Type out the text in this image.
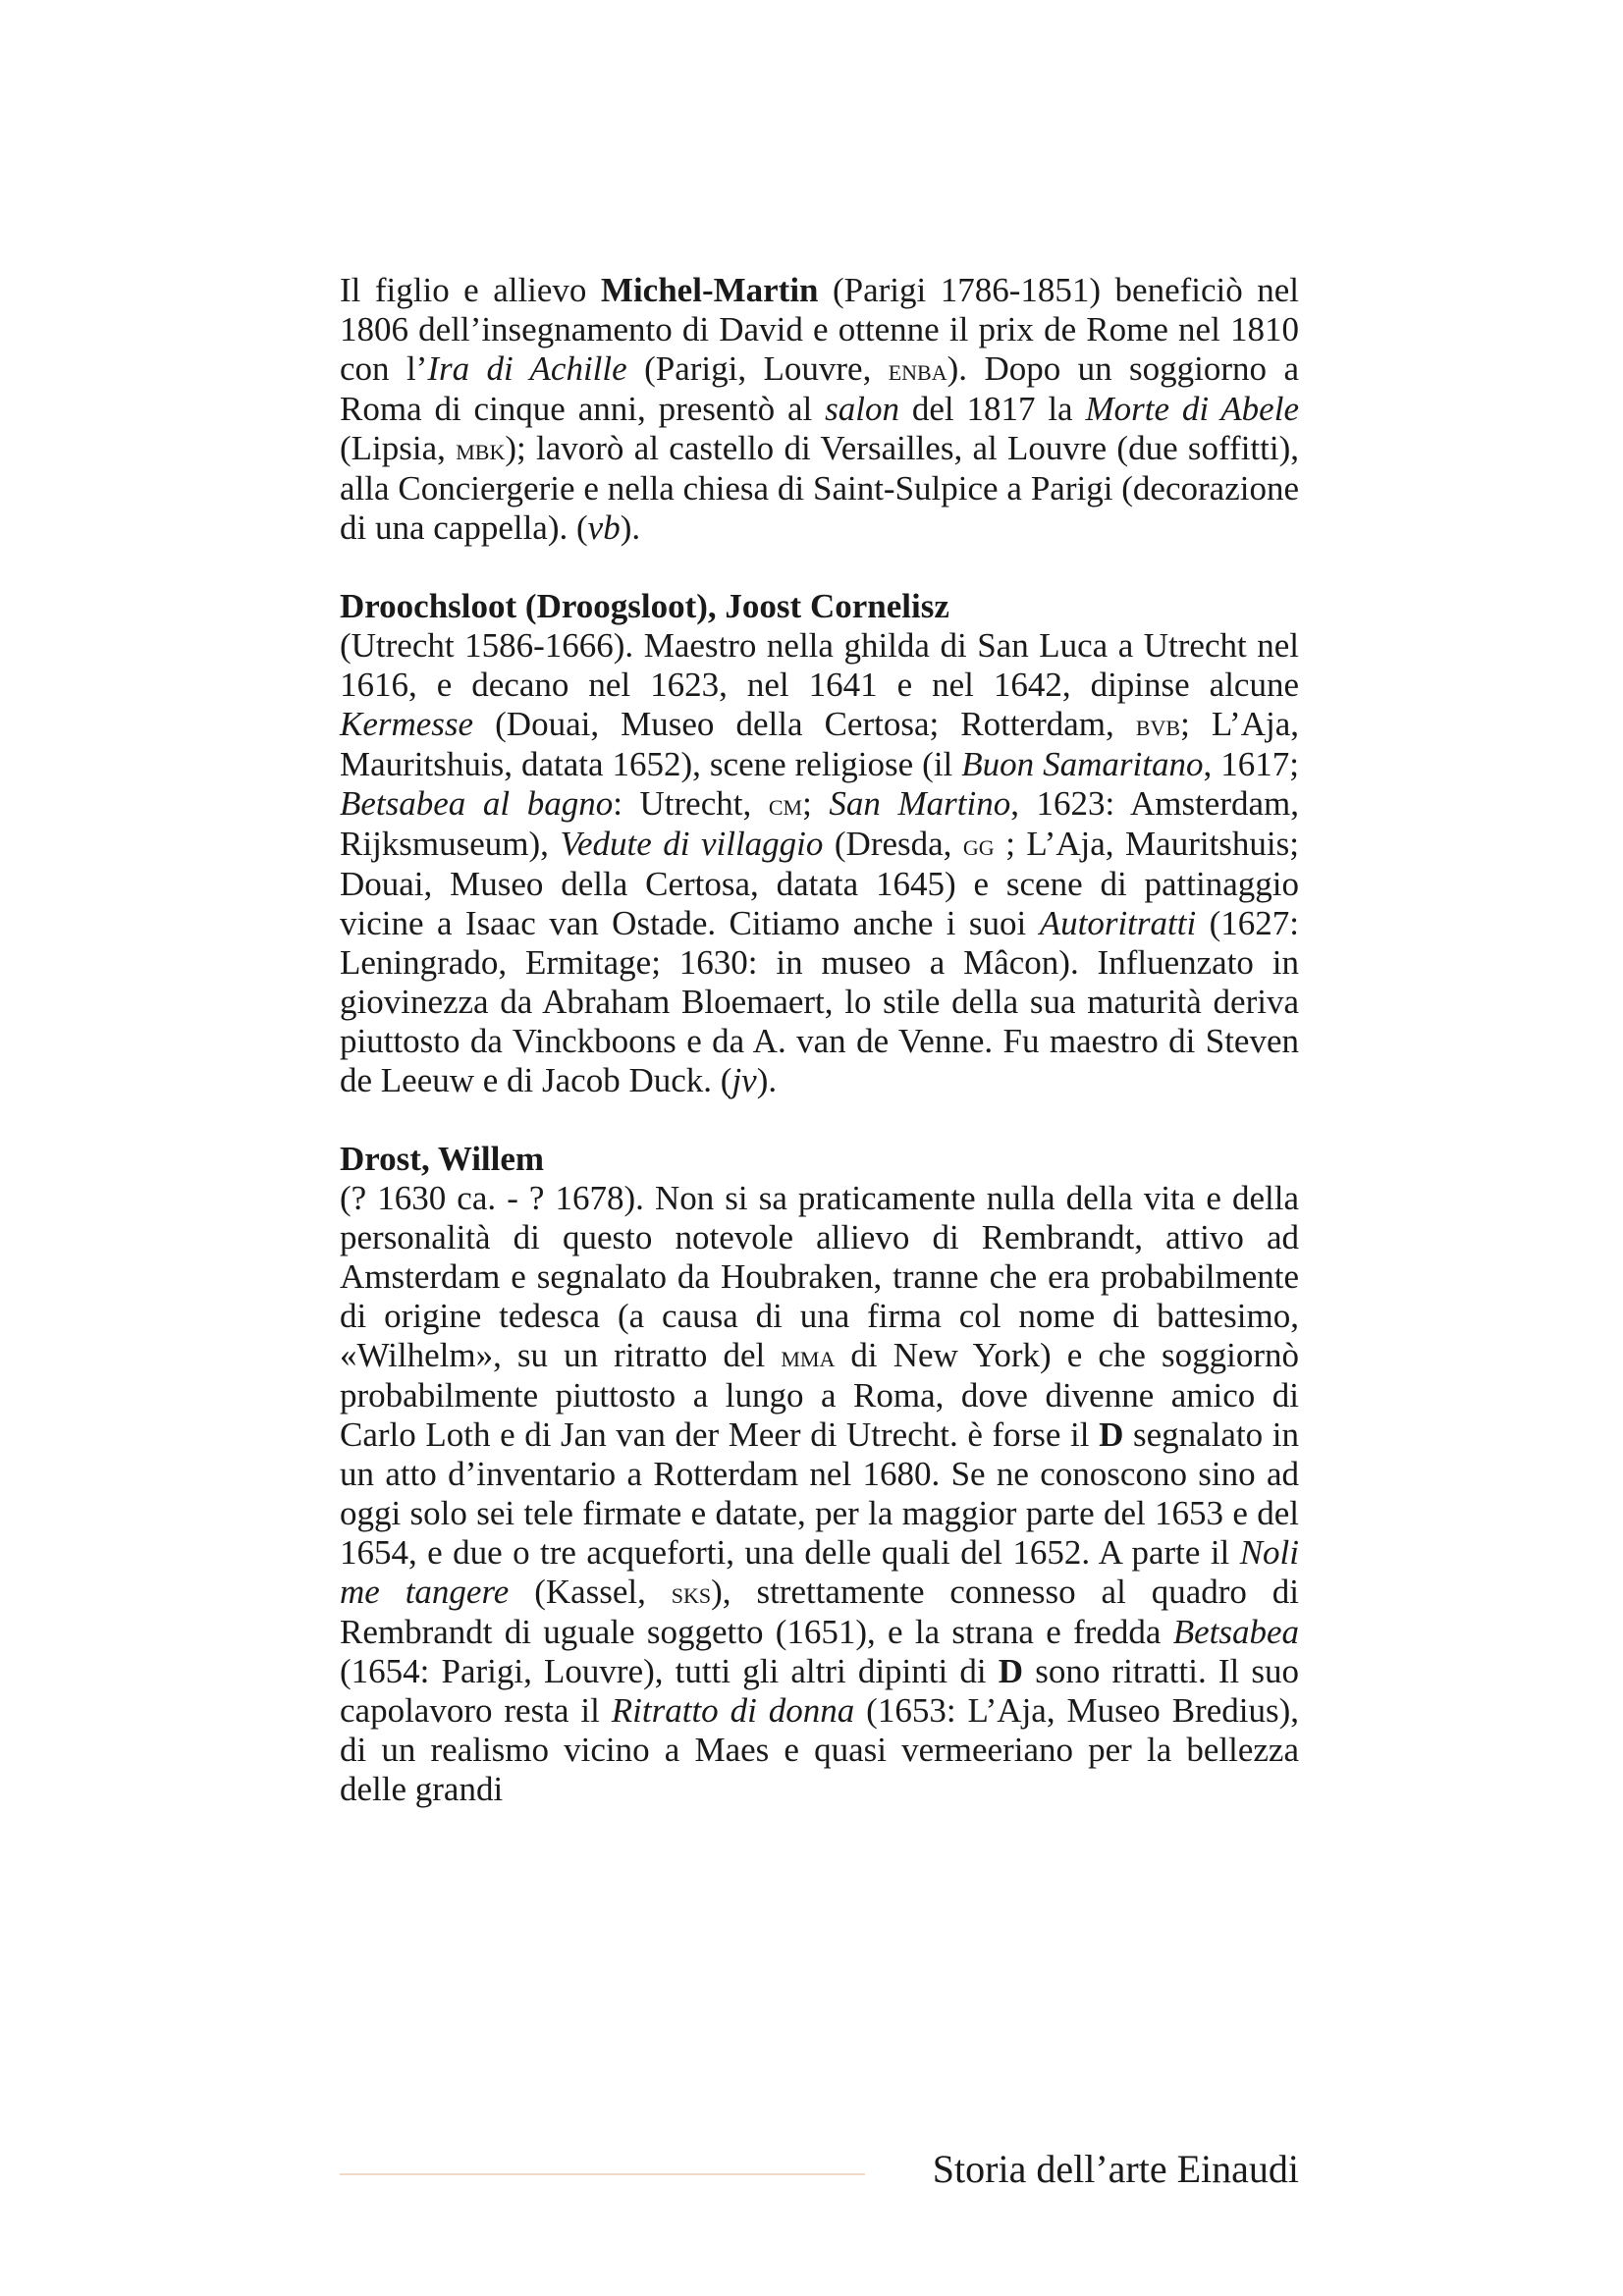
Il figlio e allievo Michel-Martin (Parigi 1786-1851) beneficiò nel 1806 dell’insegnamento di David e ottenne il prix de Rome nel 1810 con l’Ira di Achille (Parigi, Louvre, enba). Dopo un soggiorno a Roma di cinque anni, presentò al salon del 1817 la Morte di Abele (Lipsia, mbk); lavorò al castello di Versailles, al Louvre (due soffitti), alla Conciergerie e nella chiesa di Saint-Sulpice a Parigi (decorazione di una cappella). (vb).

Droochsloot (Droogsloot), Joost Cornelisz

(Utrecht 1586-1666). Maestro nella ghilda di San Luca a Utrecht nel 1616, e decano nel 1623, nel 1641 e nel 1642, dipinse alcune Kermesse (Douai, Museo della Certosa; Rotterdam, bvb; L’Aja, Mauritshuis, datata 1652), scene religiose (il Buon Samaritano, 1617; Betsabea al bagno: Utrecht, cm; San Martino, 1623: Amsterdam, Rijksmuseum), Vedute di villaggio (Dresda, gg ; L’Aja, Mauritshuis; Douai, Museo della Certosa, datata 1645) e scene di pattinaggio vicine a Isaac van Ostade. Citiamo anche i suoi Autoritratti (1627: Leningrado, Ermitage; 1630: in museo a Mâcon). Influenzato in giovinezza da Abraham Bloemaert, lo stile della sua maturità deriva piuttosto da Vinckboons e da A. van de Venne. Fu maestro di Steven de Leeuw e di Jacob Duck. (jv).

Drost, Willem

(? 1630 ca. - ? 1678). Non si sa praticamente nulla della vita e della personalità di questo notevole allievo di Rembrandt, attivo ad Amsterdam e segnalato da Houbraken, tranne che era probabilmente di origine tedesca (a causa di una firma col nome di battesimo, «Wilhelm», su un ritratto del mma di New York) e che soggiornò probabilmente piuttosto a lungo a Roma, dove divenne amico di Carlo Loth e di Jan van der Meer di Utrecht. è forse il D segnalato in un atto d’inventario a Rotterdam nel 1680. Se ne conoscono sino ad oggi solo sei tele firmate e datate, per la maggior parte del 1653 e del 1654, e due o tre acqueforti, una delle quali del 1652. A parte il Noli me tangere (Kassel, sks), strettamente connesso al quadro di Rembrandt di uguale soggetto (1651), e la strana e fredda Betsabea (1654: Parigi, Louvre), tutti gli altri dipinti di D sono ritratti. Il suo capolavoro resta il Ritratto di donna (1653: L’Aja, Museo Bredius), di un realismo vicino a Maes e quasi vermeeriano per la bellezza delle grandi

Storia dell’arte Einaudi
